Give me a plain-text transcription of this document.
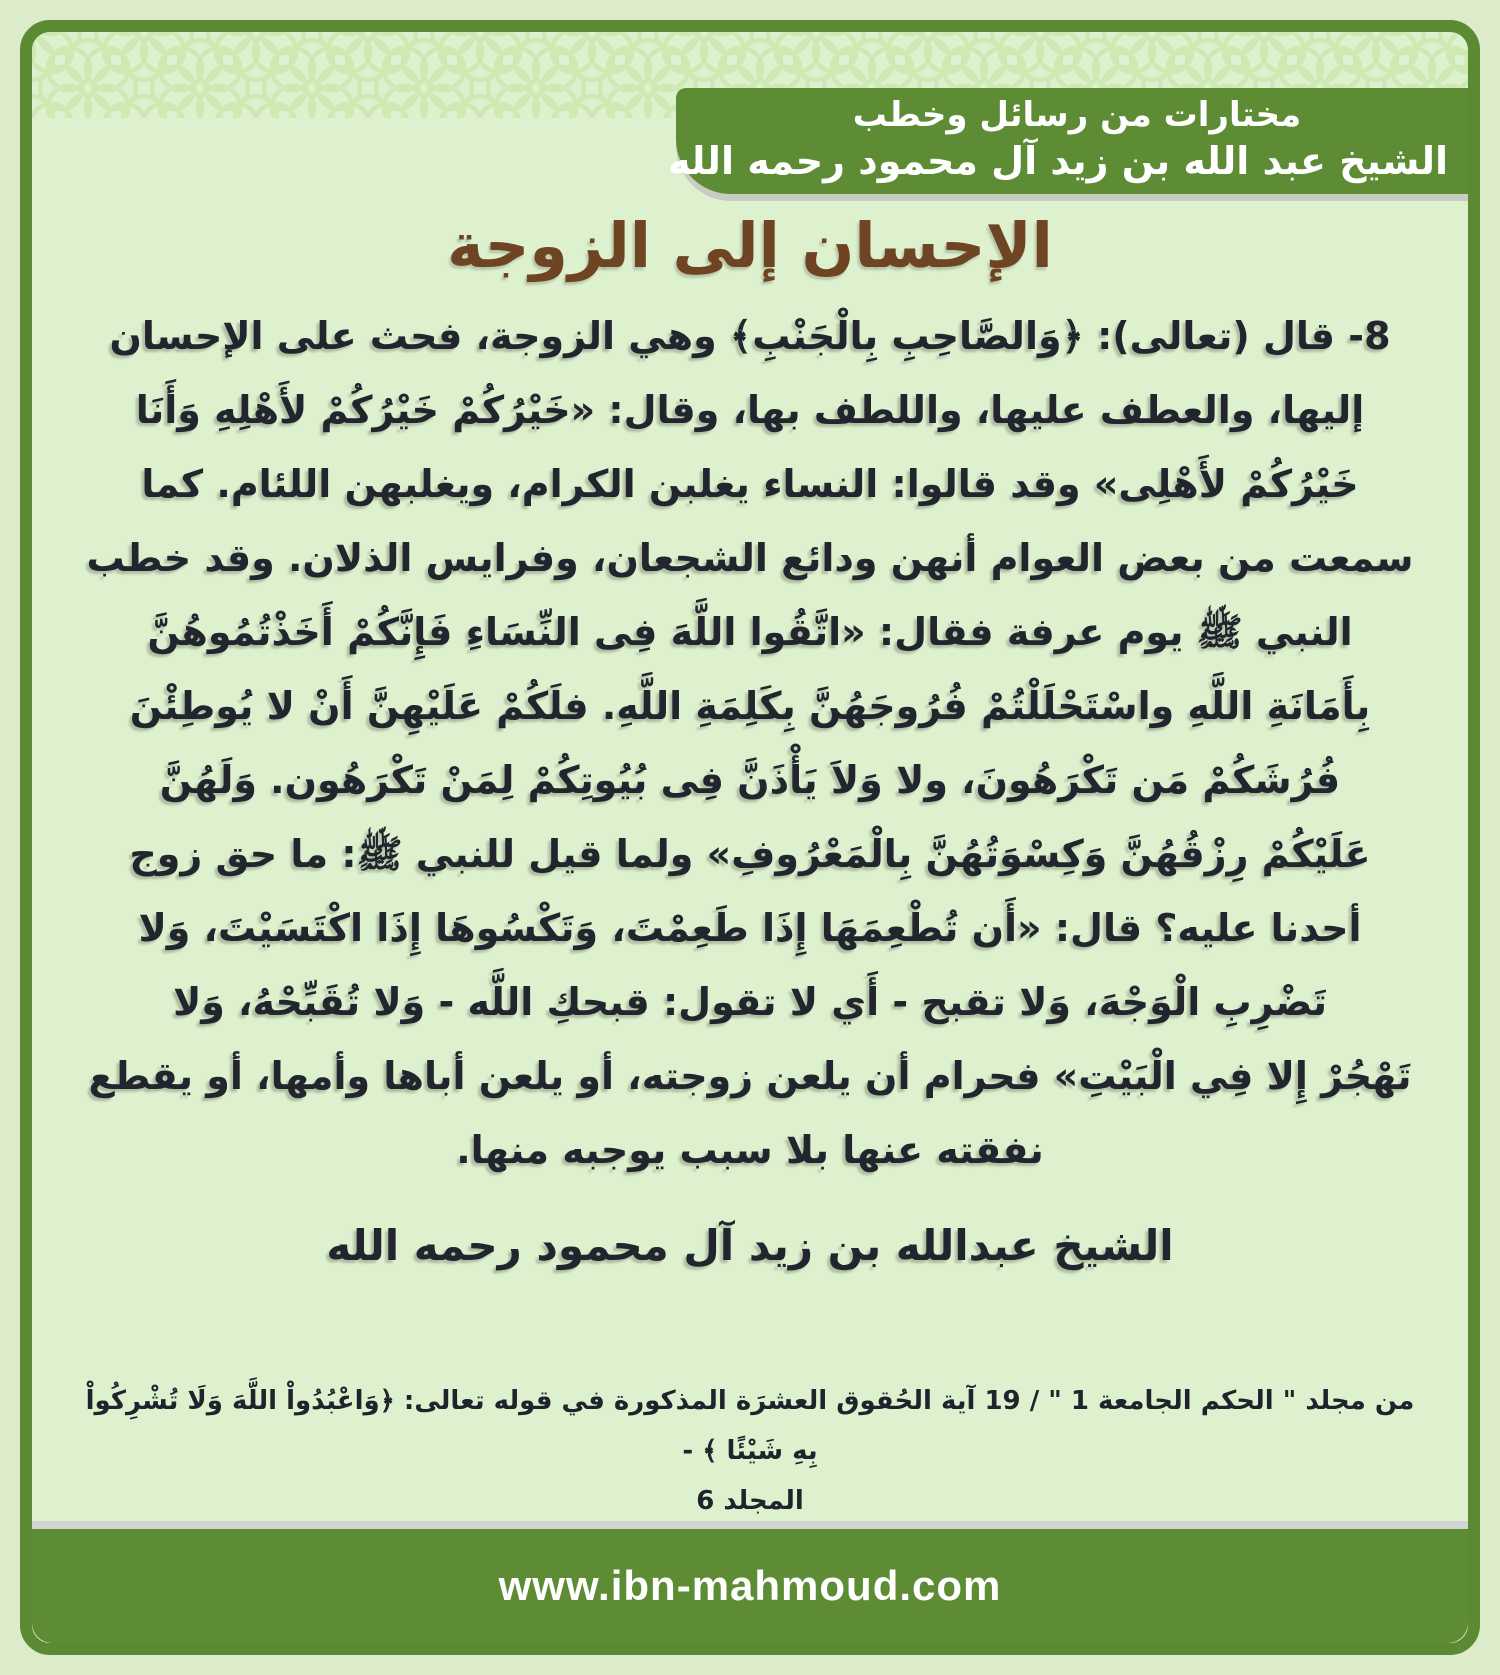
مختارات من رسائل وخطب
الشيخ عبد الله بن زيد آل محمود رحمه الله
الإحسان إلى الزوجة
8- قال (تعالى): ﴿وَالصَّاحِبِ بِالْجَنْبِ﴾ وهي الزوجة، فحث على الإحسان
إليها، والعطف عليها، واللطف بها، وقال: «خَيْرُكُمْ خَيْرُكُمْ لأَهْلِهِ وَأَنَا
خَيْرُكُمْ لأَهْلِى» وقد قالوا: النساء يغلبن الكرام، ويغلبهن اللئام. كما
سمعت من بعض العوام أنهن ودائع الشجعان، وفرايس الذلان. وقد خطب
النبي ﷺ يوم عرفة فقال: «اتَّقُوا اللَّهَ فِى النِّسَاءِ فَإِنَّكُمْ أَخَذْتُمُوهُنَّ
بِأَمَانَةِ اللَّهِ واسْتَحْلَلْتُمْ فُرُوجَهُنَّ بِكَلِمَةِ اللَّهِ. فلَكُمْ عَلَيْهِنَّ أَنْ لا يُوطِئْنَ
فُرُشَكُمْ مَن تَكْرَهُونَ، ولا وَلاَ يَأْذَنَّ فِى بُيُوتِكُمْ لِمَنْ تَكْرَهُون. وَلَهُنَّ
عَلَيْكُمْ رِزْقُهُنَّ وَكِسْوَتُهُنَّ بِالْمَعْرُوفِ» ولما قيل للنبي ﷺ: ما حق زوج
أحدنا عليه؟ قال: «أَن تُطْعِمَهَا إِذَا طَعِمْتَ، وَتَكْسُوهَا إِذَا اكْتَسَيْتَ، وَلا
تَضْرِبِ الْوَجْهَ، وَلا تقبح - أَي لا تقول: قبحكِ اللَّه - وَلا تُقَبِّحْهُ، وَلا
تَهْجُرْ إِلا فِي الْبَيْتِ» فحرام أن يلعن زوجته، أو يلعن أباها وأمها، أو يقطع
نفقته عنها بلا سبب يوجبه منها.
الشيخ عبدالله بن زيد آل محمود رحمه الله
من مجلد " الحكم الجامعة 1 " / 19 آية الحُقوق العشرَة المذكورة في قوله تعالى: ﴿وَاعْبُدُواْ اللَّهَ وَلَا تُشْرِكُواْ بِهِ شَيْئًا ﴾ -
المجلد 6
www.ibn-mahmoud.com
